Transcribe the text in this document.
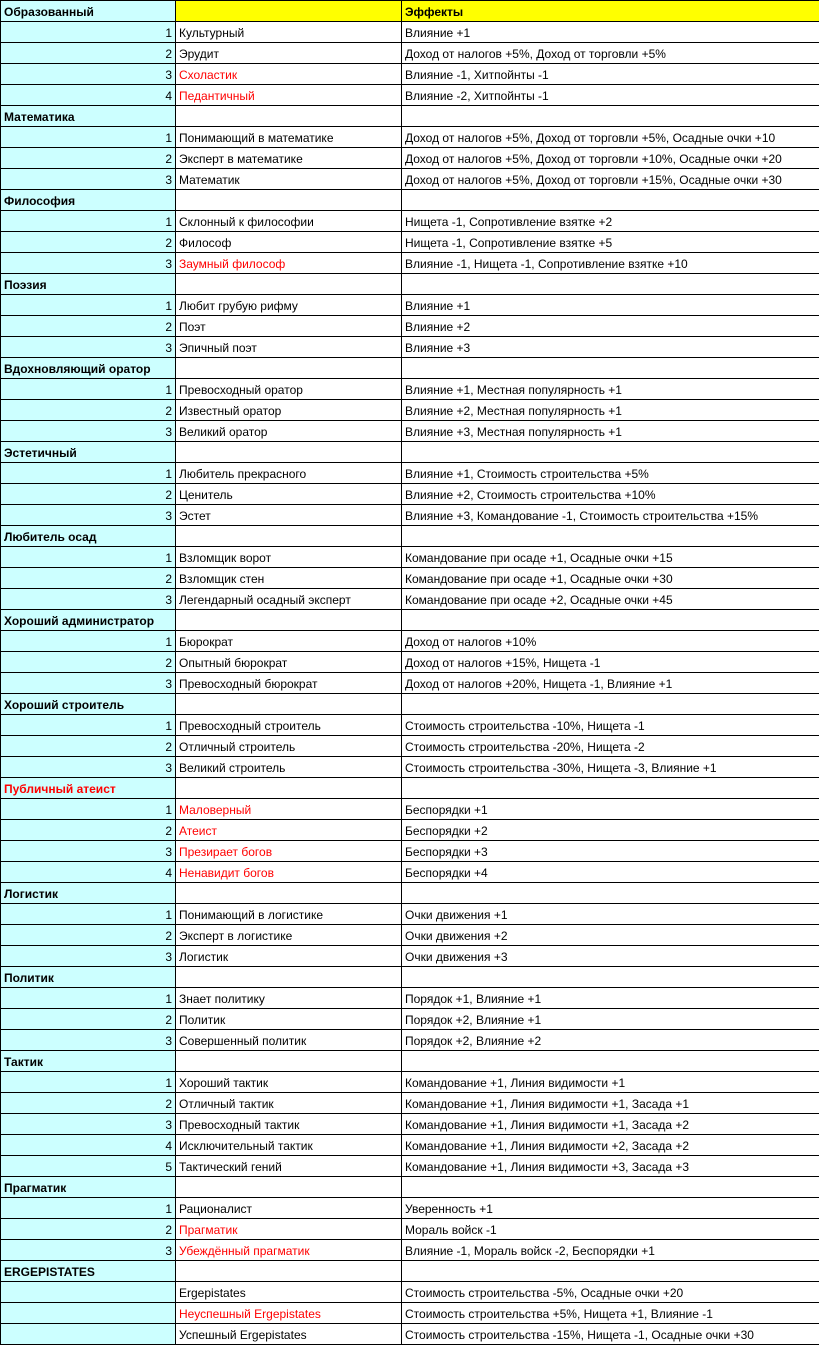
Образованный		Эффекты
1	Культурный	Влияние +1
2	Эрудит	Доход от налогов +5%, Доход от торговли +5%
3	Схоластик	Влияние -1, Хитпойнты -1
4	Педантичный	Влияние -2, Хитпойнты -1
Математика		
1	Понимающий в математике	Доход от налогов +5%, Доход от торговли +5%, Осадные очки +10
2	Эксперт в математике	Доход от налогов +5%, Доход от торговли +10%, Осадные очки +20
3	Математик	Доход от налогов +5%, Доход от торговли +15%, Осадные очки +30
Философия		
1	Склонный к философии	Нищета -1, Сопротивление взятке +2
2	Философ	Нищета -1, Сопротивление взятке +5
3	Заумный философ	Влияние -1, Нищета -1, Сопротивление взятке +10
Поэзия		
1	Любит грубую рифму	Влияние +1
2	Поэт	Влияние +2
3	Эпичный поэт	Влияние +3
Вдохновляющий оратор		
1	Превосходный оратор	Влияние +1, Местная популярность +1
2	Известный оратор	Влияние +2, Местная популярность +1
3	Великий оратор	Влияние +3, Местная популярность +1
Эстетичный		
1	Любитель прекрасного	Влияние +1, Стоимость строительства +5%
2	Ценитель	Влияние +2, Стоимость строительства +10%
3	Эстет	Влияние +3, Командование -1, Стоимость строительства +15%
Любитель осад		
1	Взломщик ворот	Командование при осаде +1, Осадные очки +15
2	Взломщик стен	Командование при осаде +1, Осадные очки +30
3	Легендарный осадный эксперт	Командование при осаде +2, Осадные очки +45
Хороший администратор		
1	Бюрократ	Доход от налогов +10%
2	Опытный бюрократ	Доход от налогов +15%, Нищета -1
3	Превосходный бюрократ	Доход от налогов +20%, Нищета -1, Влияние +1
Хороший строитель		
1	Превосходный строитель	Стоимость строительства -10%, Нищета -1
2	Отличный строитель	Стоимость строительства -20%, Нищета -2
3	Великий строитель	Стоимость строительства -30%, Нищета -3, Влияние +1
Публичный атеист		
1	Маловерный	Беспорядки +1
2	Атеист	Беспорядки +2
3	Презирает богов	Беспорядки +3
4	Ненавидит богов	Беспорядки +4
Логистик		
1	Понимающий в логистике	Очки движения +1
2	Эксперт в логистике	Очки движения +2
3	Логистик	Очки движения +3
Политик		
1	Знает политику	Порядок +1, Влияние +1
2	Политик	Порядок +2, Влияние +1
3	Совершенный политик	Порядок +2, Влияние +2
Тактик		
1	Хороший тактик	Командование +1, Линия видимости +1
2	Отличный тактик	Командование +1, Линия видимости +1, Засада +1
3	Превосходный тактик	Командование +1, Линия видимости +1, Засада +2
4	Исключительный тактик	Командование +1, Линия видимости +2, Засада +2
5	Тактический гений	Командование +1, Линия видимости +3, Засада +3
Прагматик		
1	Рационалист	Уверенность +1
2	Прагматик	Мораль войск -1
3	Убеждённый прагматик	Влияние -1, Мораль войск -2, Беспорядки +1
ERGEPISTATES		
	Ergepistates	Стоимость строительства -5%, Осадные очки +20
	Неуспешный Ergepistates	Стоимость строительства +5%, Нищета +1, Влияние -1
	Успешный Ergepistates	Стоимость строительства -15%, Нищета -1, Осадные очки +30
